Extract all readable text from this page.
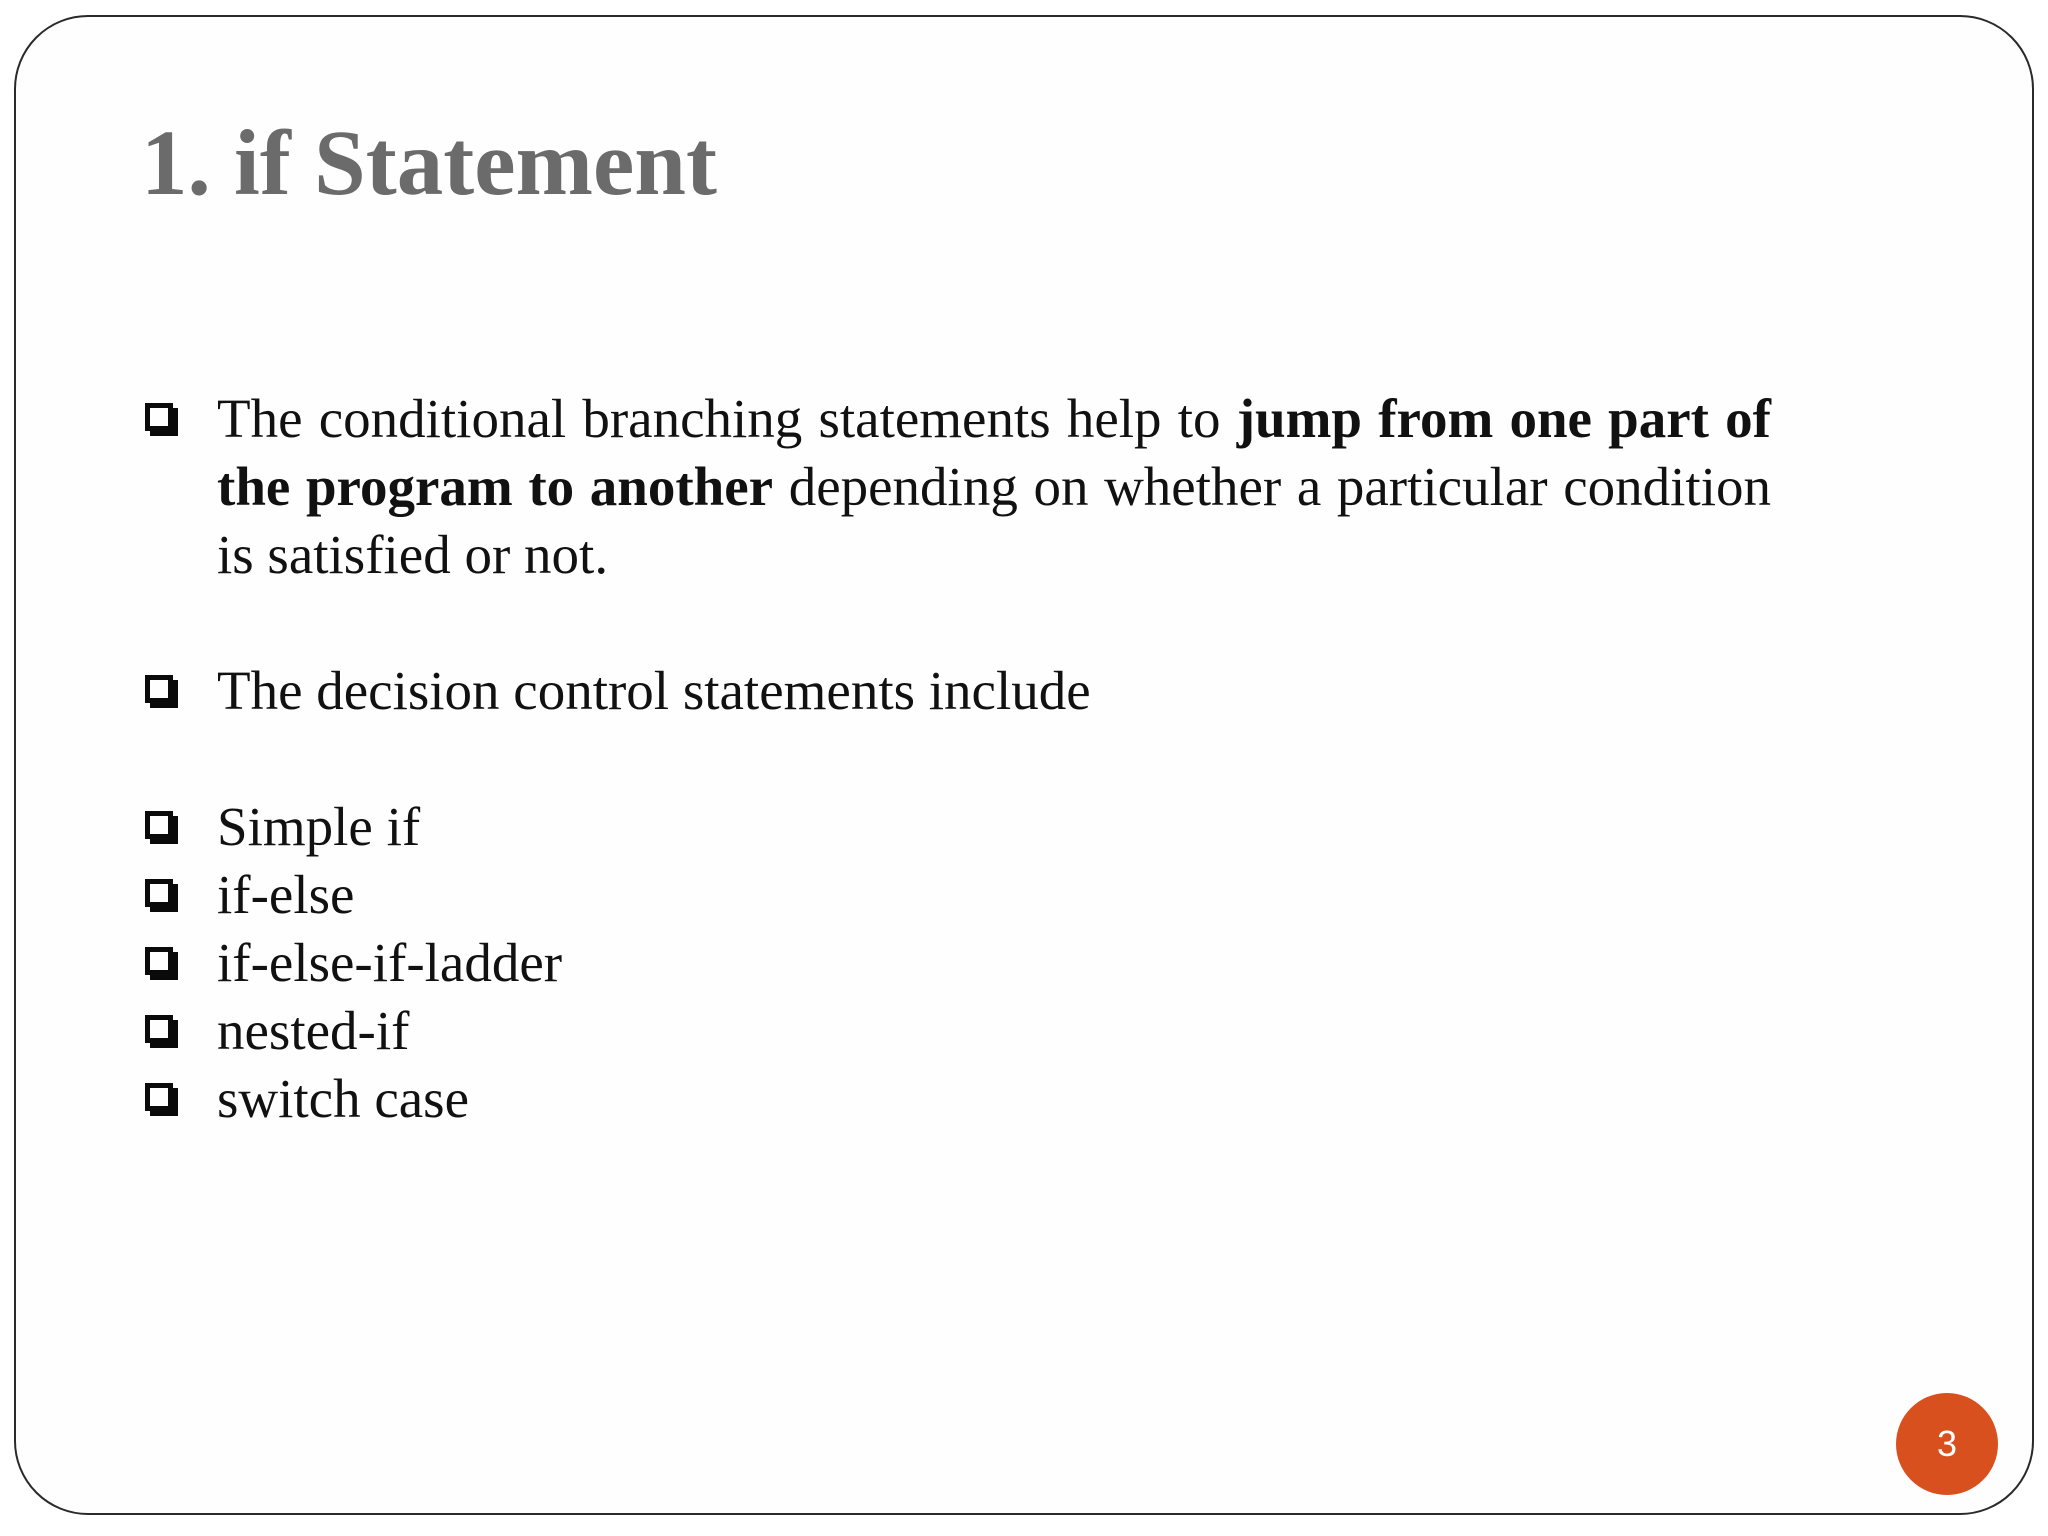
1. if Statement

The conditional branching statements help to jump from one part of the program to another depending on whether a particular condition is satisfied or not.

The decision control statements include

Simple if

if-else

if-else-if-ladder

nested-if

switch case

3
